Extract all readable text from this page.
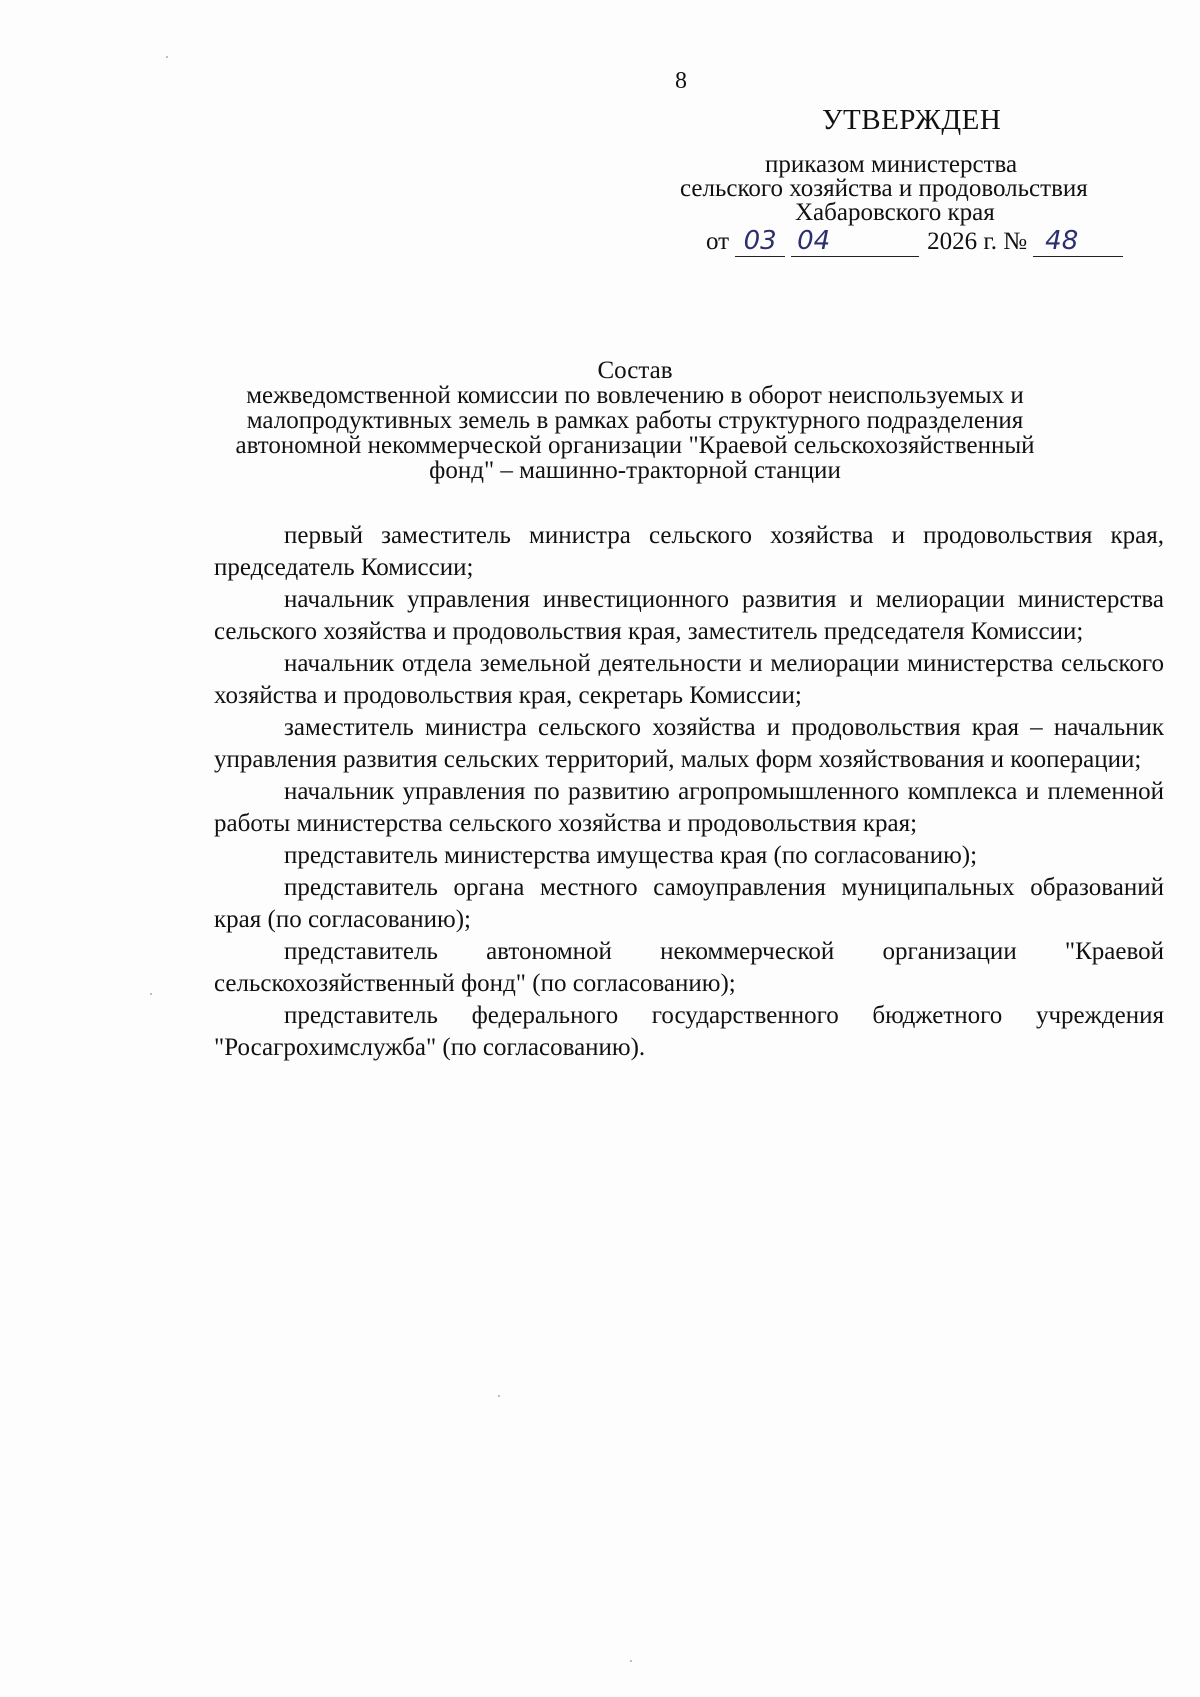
8
УТВЕРЖДЕН
приказом министерства
сельского хозяйства и продовольствия
Хабаровского края
от 03 04	2026 г. № 48
Состав
межведомственной комиссии по вовлечению в оборот неиспользуемых и
малопродуктивных земель в рамках работы структурного подразделения
автономной некоммерческой организации "Краевой сельскохозяйственный
фонд" – машинно-тракторной станции

первый заместитель министра сельского хозяйства и продовольствия края, председатель Комиссии;

начальник управления инвестиционного развития и мелиорации министерства сельского хозяйства и продовольствия края, заместитель председателя Комиссии;

начальник отдела земельной деятельности и мелиорации министерства сельского хозяйства и продовольствия края, секретарь Комиссии;

заместитель министра сельского хозяйства и продовольствия края – начальник управления развития сельских территорий, малых форм хозяйствования и кооперации;

начальник управления по развитию агропромышленного комплекса и племенной работы министерства сельского хозяйства и продовольствия края;

представитель министерства имущества края (по согласованию);

представитель органа местного самоуправления муниципальных образований края (по согласованию);

представитель автономной некоммерческой организации "Краевой сельскохозяйственный фонд" (по согласованию);

представитель федерального государственного бюджетного учреждения "Росагрохимслужба" (по согласованию).
